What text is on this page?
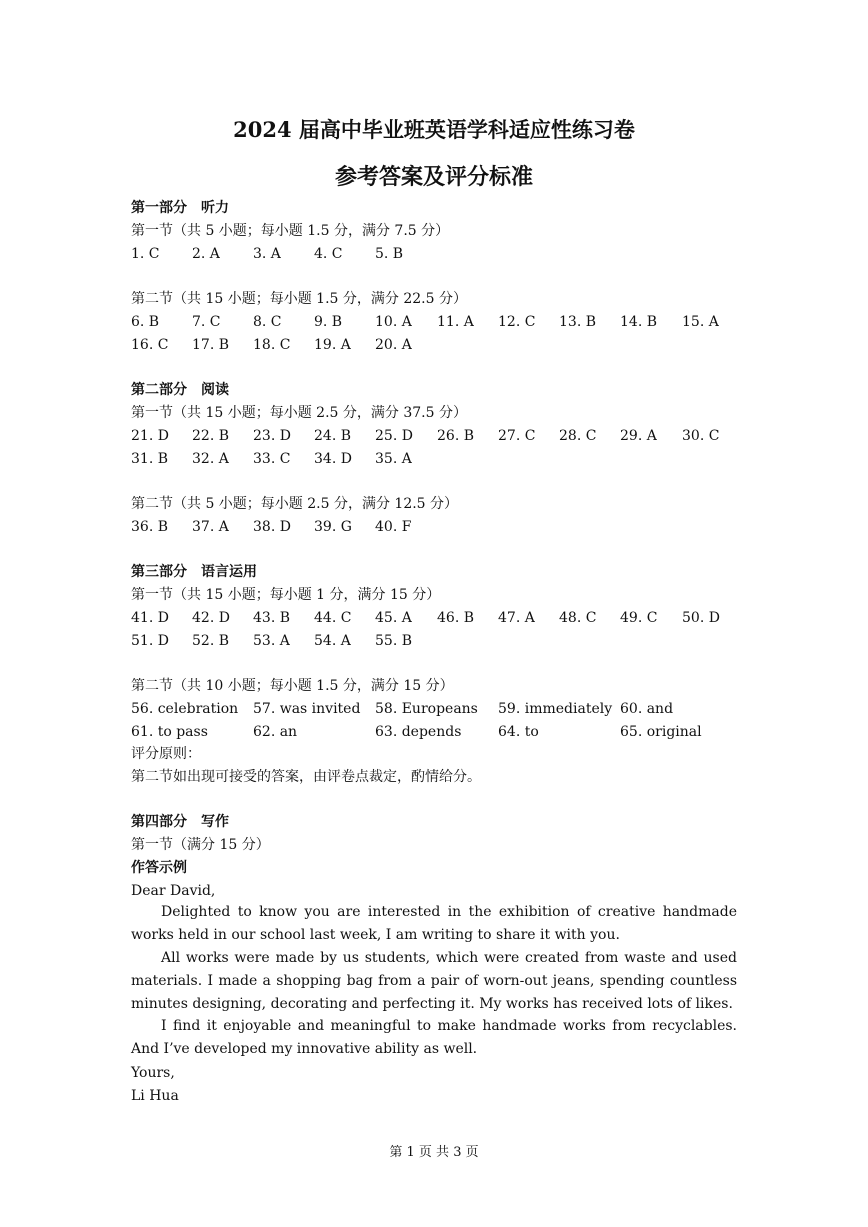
2024 届高中毕业班英语学科适应性练习卷
参考答案及评分标准
第一部分　听力
第一节（共 5 小题；每小题 1.5 分，满分 7.5 分）
1. C 2. A 3. A 4. C 5. B
第二节（共 15 小题；每小题 1.5 分，满分 22.5 分）
6. B 7. C 8. C 9. B 10. A 11. A 12. C 13. B 14. B 15. A
16. C 17. B 18. C 19. A 20. A
第二部分　阅读
第一节（共 15 小题；每小题 2.5 分，满分 37.5 分）
21. D 22. B 23. D 24. B 25. D 26. B 27. C 28. C 29. A 30. C
31. B 32. A 33. C 34. D 35. A
第二节（共 5 小题；每小题 2.5 分，满分 12.5 分）
36. B 37. A 38. D 39. G 40. F
第三部分　语言运用
第一节（共 15 小题；每小题 1 分，满分 15 分）
41. D 42. D 43. B 44. C 45. A 46. B 47. A 48. C 49. C 50. D
51. D 52. B 53. A 54. A 55. B
第二节（共 10 小题；每小题 1.5 分，满分 15 分）
56. celebration 57. was invited 58. Europeans 59. immediately 60. and
61. to pass	62. an	63. depends	64. to	65. original
评分原则：
第二节如出现可接受的答案，由评卷点裁定，酌情给分。
第四部分　写作
第一节（满分 15 分）
作答示例
Dear David,
Delighted to know you are interested in the exhibition of creative handmade works held in our school last week, I am writing to share it with you.
All works were made by us students, which were created from waste and used materials. I made a shopping bag from a pair of worn-out jeans, spending countless minutes designing, decorating and perfecting it. My works has received lots of likes.
I find it enjoyable and meaningful to make handmade works from recyclables. And I’ve developed my innovative ability as well.
Yours,
Li Hua
第 1 页 共 3 页
